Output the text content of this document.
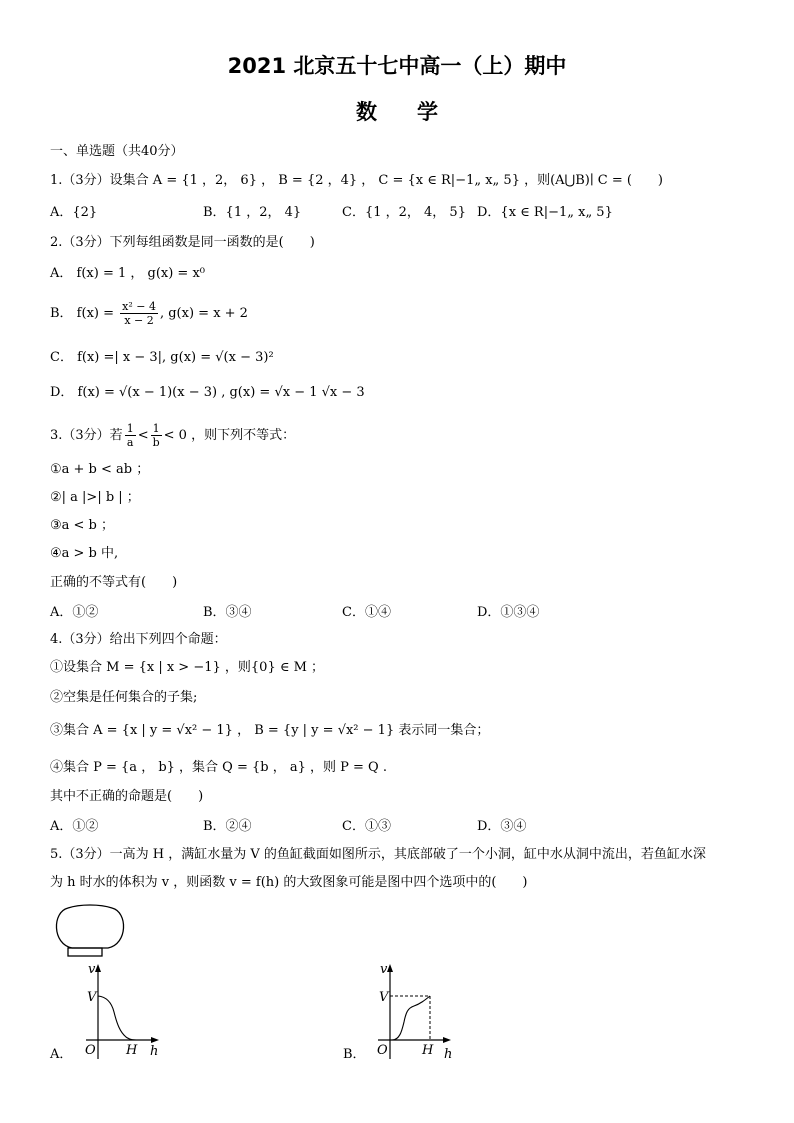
2021 北京五十七中高一（上）期中
数学
一、单选题（共40分）
1.（3分）设集合 A = {1 ，2， 6} ， B = {2 ，4} ， C = {x ∈ R|−1„ x„ 5} ，则(A⋃B)∣ C = (　　)
A．{2}	B．{1 ，2， 4}	C．{1 ，2， 4， 5} D．{x ∈ R|−1„ x„ 5}
2.（3分）下列每组函数是同一函数的是(　　)
A． f(x) = 1 ， g(x) = x⁰
B． $f(x) = \frac{\text{x² − 4}}{x - 2}$ , g(x) = x + 2
C． f(x) =| x − 3|, g(x) = √(x − 3)²
D． f(x) = √(x − 1)(x − 3) , g(x) = √x − 1 √x − 3
3.（3分）若 $\frac{1}{a} < \frac{1}{b} < 0$ ，则下列不等式：
①a + b < ab ；
②| a |>| b | ；
③a < b ；
④a > b 中,
正确的不等式有(　　)
A．①②	B．③④	C．①④	D．①③④
4.（3分）给出下列四个命题：
①设集合 M = {x | x > −1} ，则{0} ∈ M ；
②空集是任何集合的子集;
③集合 A = {x | y = √x² − 1} ， B = {y | y = √x² − 1} 表示同一集合；
④集合 P = {a ， b} ，集合 Q = {b ， a} ，则 P = Q .
其中不正确的命题是(　　)
A．①②	B．②④	C．①③	D．③④
5.（3分）一高为 H ，满缸水量为 V 的鱼缸截面如图所示，其底部破了一个小洞，缸中水从洞中流出，若鱼缸水深
为 h 时水的体积为 v ，则函数 v = f(h) 的大致图象可能是图中四个选项中的(　　)
A．	B．
v
V
O H h
v
V
O	H h
